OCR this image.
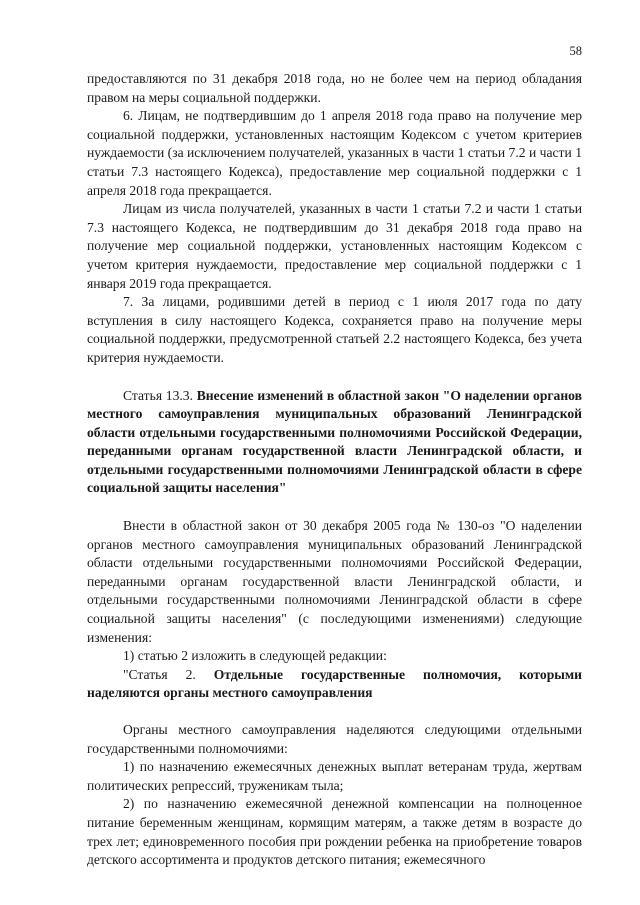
58

предоставляются по 31 декабря 2018 года, но не более чем на период обладания правом на меры социальной поддержки.

6. Лицам, не подтвердившим до 1 апреля 2018 года право на получение мер социальной поддержки, установленных настоящим Кодексом с учетом критериев нуждаемости (за исключением получателей, указанных в части 1 статьи 7.2 и части 1 статьи 7.3 настоящего Кодекса), предоставление мер социальной поддержки с 1 апреля 2018 года прекращается.

Лицам из числа получателей, указанных в части 1 статьи 7.2 и части 1 статьи 7.3 настоящего Кодекса, не подтвердившим до 31 декабря 2018 года право на получение мер социальной поддержки, установленных настоящим Кодексом с учетом критерия нуждаемости, предоставление мер социальной поддержки с 1 января 2019 года прекращается.

7. За лицами, родившими детей в период с 1 июля 2017 года по дату вступления в силу настоящего Кодекса, сохраняется право на получение меры социальной поддержки, предусмотренной статьей 2.2 настоящего Кодекса, без учета критерия нуждаемости.

Статья 13.3. Внесение изменений в областной закон "О наделении органов местного самоуправления муниципальных образований Ленинградской области отдельными государственными полномочиями Российской Федерации, переданными органам государственной власти Ленинградской области, и отдельными государственными полномочиями Ленинградской области в сфере социальной защиты населения"

Внести в областной закон от 30 декабря 2005 года № 130-оз "О наделении органов местного самоуправления муниципальных образований Ленинградской области отдельными государственными полномочиями Российской Федерации, переданными органам государственной власти Ленинградской области, и отдельными государственными полномочиями Ленинградской области в сфере социальной защиты населения" (с последующими изменениями) следующие изменения:

1) статью 2 изложить в следующей редакции:

"Статья 2. Отдельные государственные полномочия, которыми наделяются органы местного самоуправления

Органы местного самоуправления наделяются следующими отдельными государственными полномочиями:

1) по назначению ежемесячных денежных выплат ветеранам труда, жертвам политических репрессий, труженикам тыла;

2) по назначению ежемесячной денежной компенсации на полноценное питание беременным женщинам, кормящим матерям, а также детям в возрасте до трех лет; единовременного пособия при рождении ребенка на приобретение товаров детского ассортимента и продуктов детского питания; ежемесячного
